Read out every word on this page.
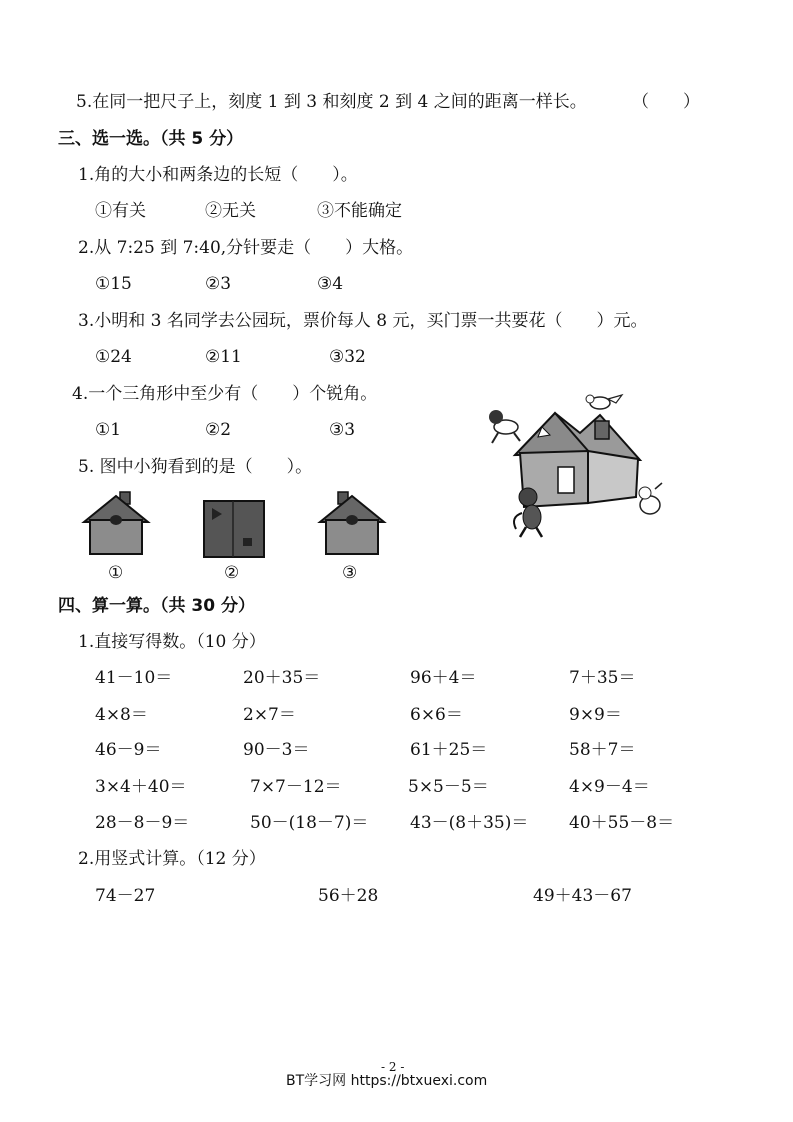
5.在同一把尺子上，刻度 1 到 3 和刻度 2 到 4 之间的距离一样长。	（　　）
三、选一选。（共 5 分）
1.角的大小和两条边的长短（　　）。
①有关	②无关	③不能确定
2.从 7:25 到 7:40,分针要走（　　）大格。
①15	②3	③4
3.小明和 3 名同学去公园玩，票价每人 8 元，买门票一共要花（　　）元。
①24	②11	③32
4.一个三角形中至少有（　　）个锐角。
①1	②2	③3
5. 图中小狗看到的是（　　）。
①	②	③
四、算一算。（共 30 分）
1.直接写得数。（10 分）
41－10＝	20＋35＝	96＋4＝	7＋35＝
4×8＝	2×7＝	6×6＝	9×9＝
46－9＝	90－3＝	61＋25＝	58＋7＝
3×4＋40＝	7×7－12＝	5×5－5＝	4×9－4＝
28－8－9＝	50－(18－7)＝ 43－(8＋35)＝ 40＋55－8＝
2.用竖式计算。（12 分）
74－27	56＋28	49＋43－67
- 2 -
BT学习网 https://btxuexi.com
